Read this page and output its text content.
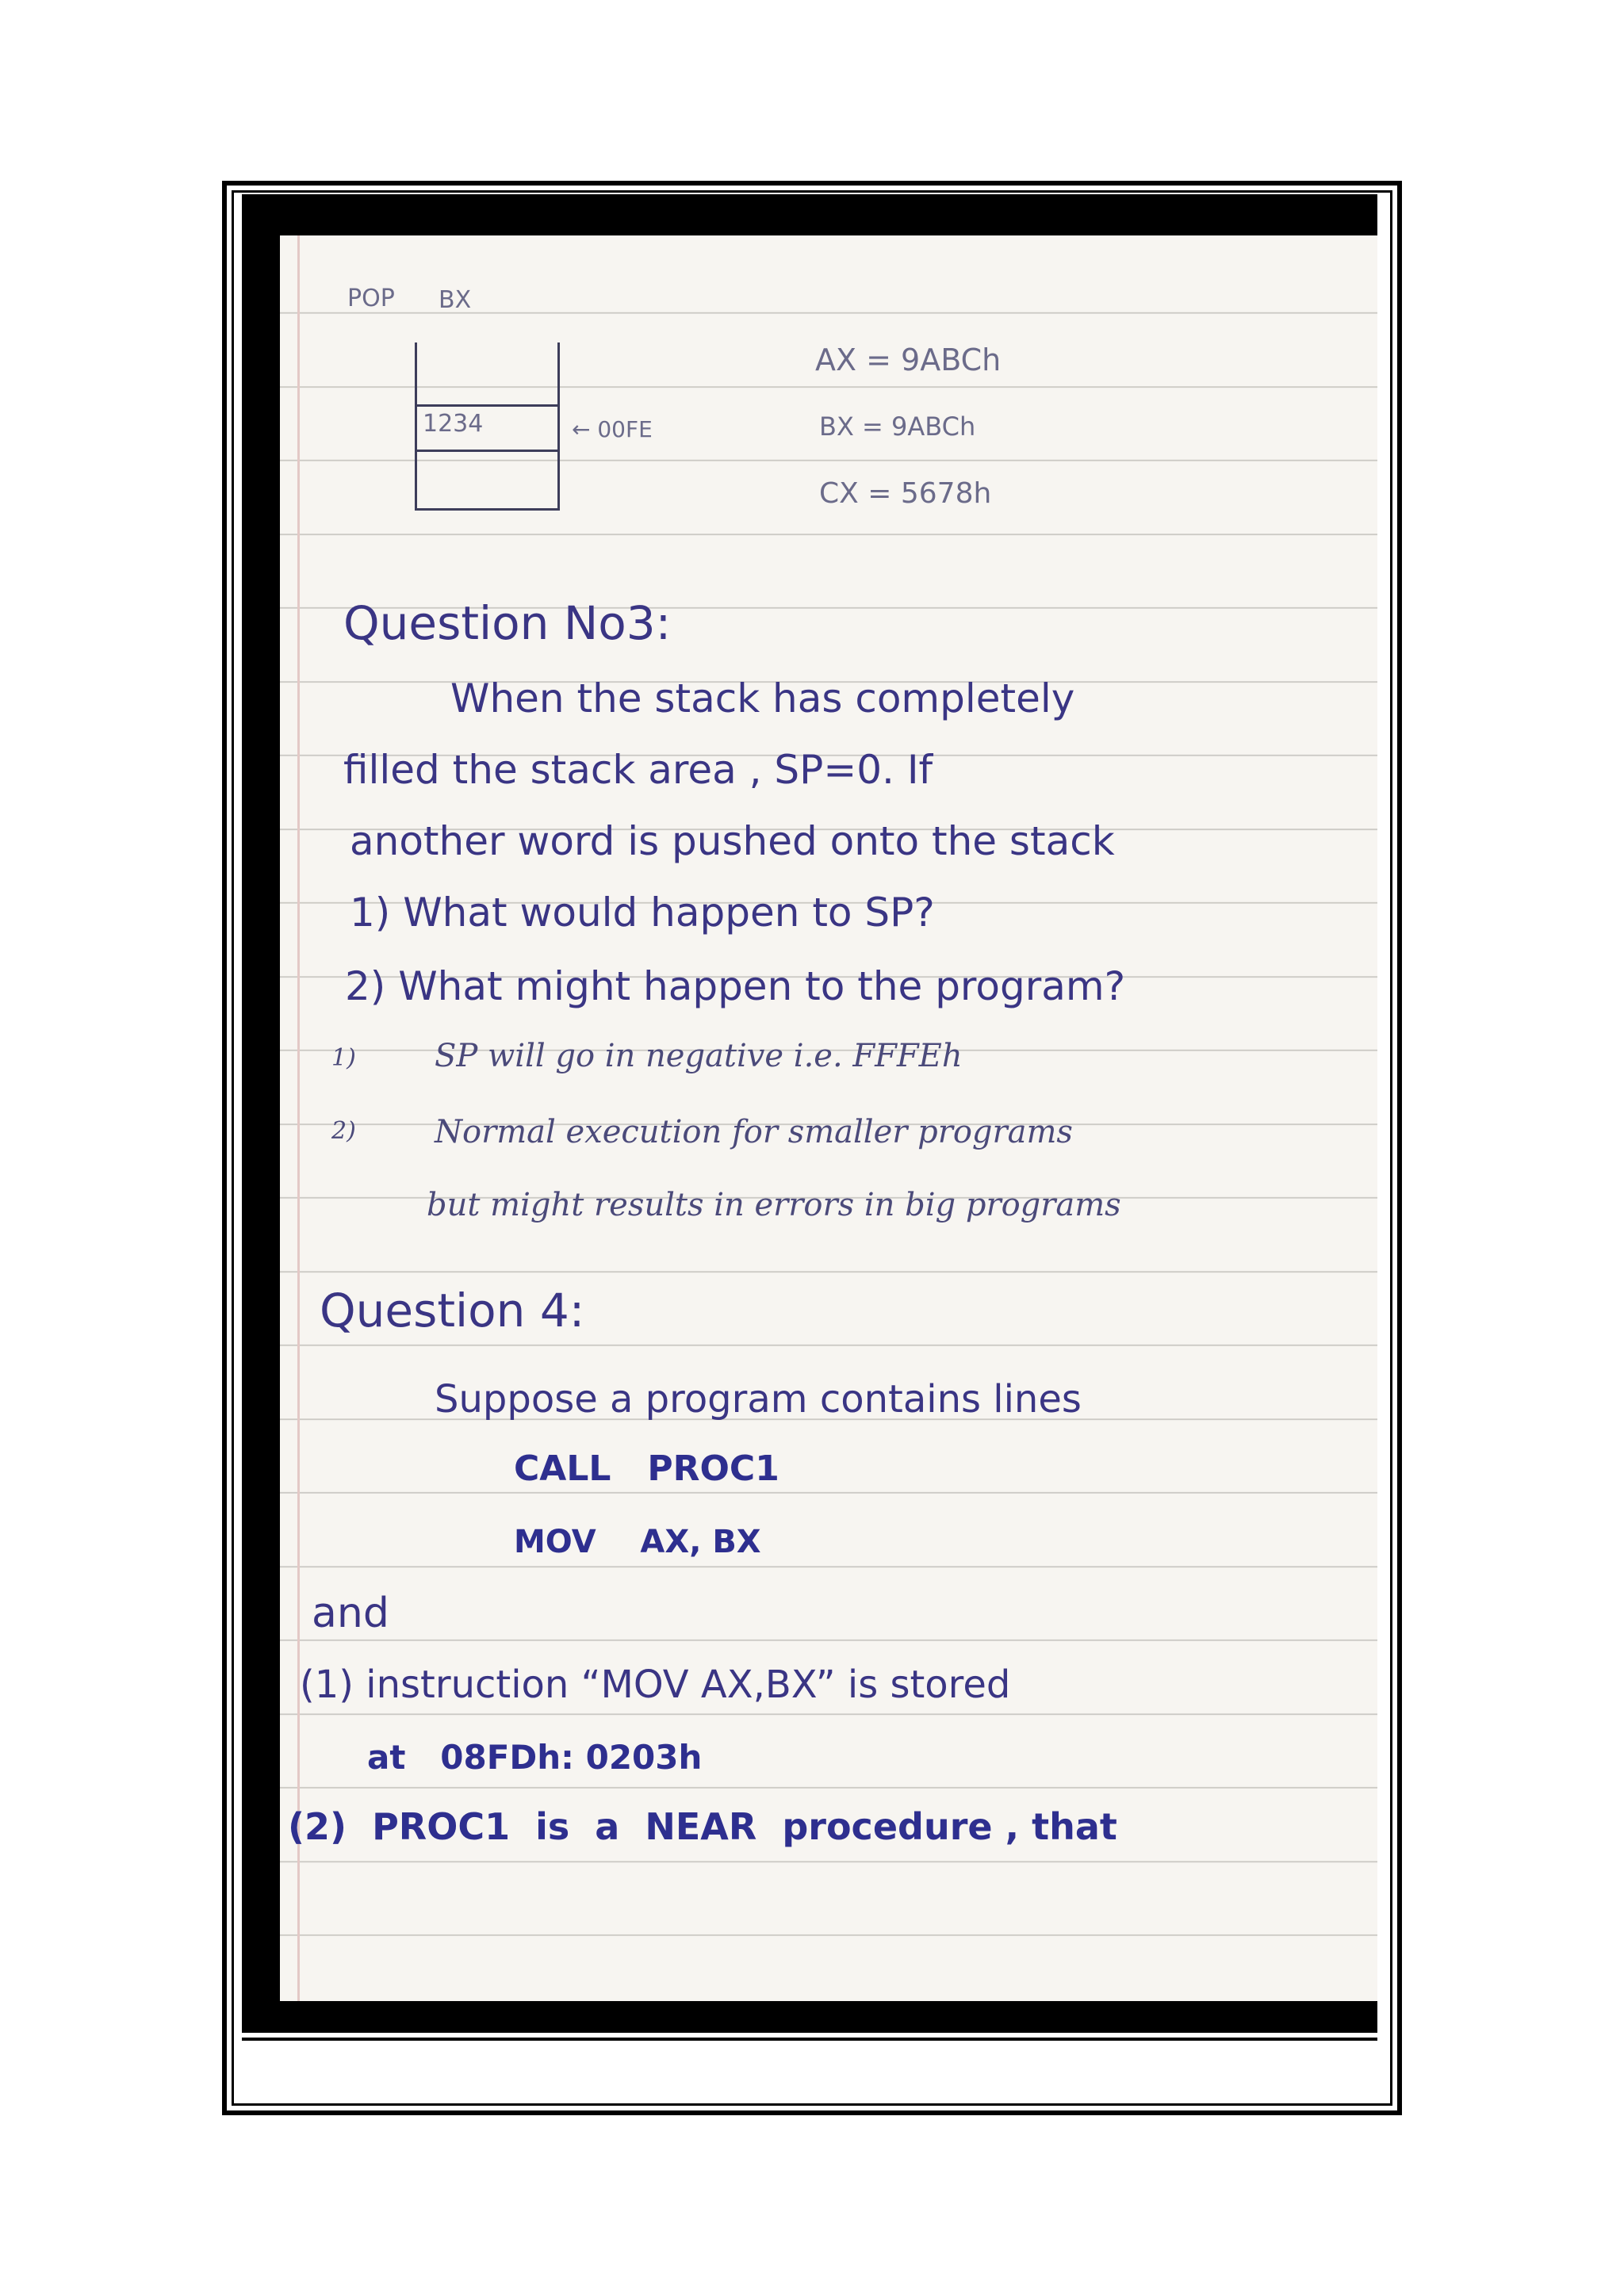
POP BX
1234	← 00FE
AX = 9ABCh
BX = 9ABCh
CX = 5678h
Question No3:
When the stack has completely
filled the stack area , SP=0. If
another word is pushed onto the stack
1) What would happen to SP?
2) What might happen to the program?
1) SP will go in negative i.e. FFFEh
2) Normal execution for smaller programs
but might results in errors in big programs
Question 4:
Suppose a program contains lines
CALL   PROC1
MOV    AX, BX
and
(1) instruction “MOV AX,BX” is stored
at   08FDh: 0203h
(2)  PROC1  is  a  NEAR  procedure , that
